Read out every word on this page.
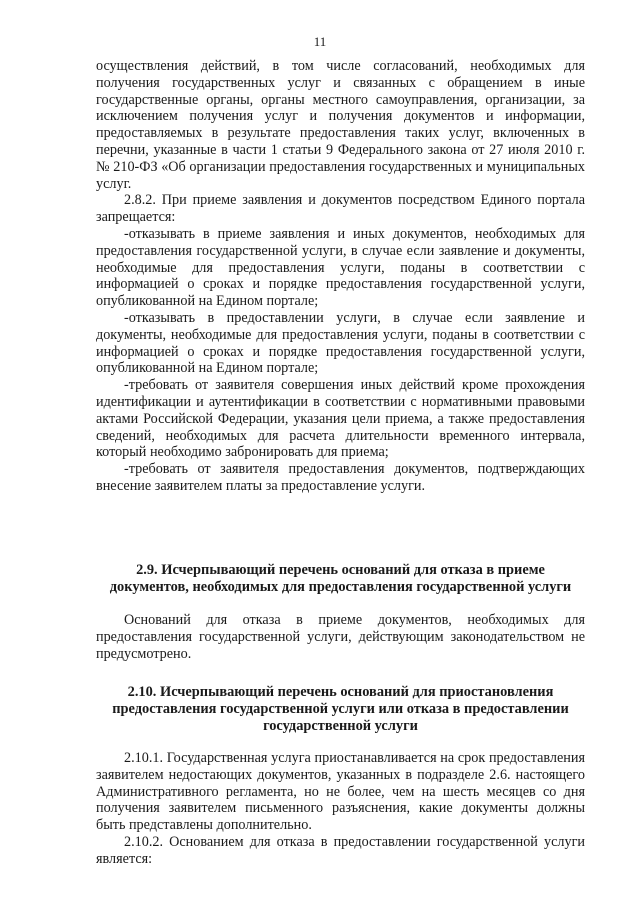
11

осуществления действий, в том числе согласований, необходимых для получения государственных услуг и связанных с обращением в иные государственные органы, органы местного самоуправления, организации, за исключением получения услуг и получения документов и информации, предоставляемых в результате предоставления таких услуг, включенных в перечни, указанные в части 1 статьи 9 Федерального закона от 27 июля 2010 г. № 210-ФЗ «Об организации предоставления государственных и муниципальных услуг.

2.8.2. При приеме заявления и документов посредством Единого портала запрещается:

-отказывать в приеме заявления и иных документов, необходимых для предоставления государственной услуги, в случае если заявление и документы, необходимые для предоставления услуги, поданы в соответствии с информацией о сроках и порядке предоставления государственной услуги, опубликованной на Едином портале;

-отказывать в предоставлении услуги, в случае если заявление и документы, необходимые для предоставления услуги, поданы в соответствии с информацией о сроках и порядке предоставления государственной услуги, опубликованной на Едином портале;

-требовать от заявителя совершения иных действий кроме прохождения идентификации и аутентификации в соответствии с нормативными правовыми актами Российской Федерации, указания цели приема, а также предоставления сведений, необходимых для расчета длительности временного интервала, который необходимо забронировать для приема;

-требовать от заявителя предоставления документов, подтверждающих внесение заявителем платы за предоставление услуги.

2.9. Исчерпывающий перечень оснований для отказа в приеме документов, необходимых для предоставления государственной услуги

Оснований для отказа в приеме документов, необходимых для предоставления государственной услуги, действующим законодательством не предусмотрено.

2.10. Исчерпывающий перечень оснований для приостановления предоставления государственной услуги или отказа в предоставлении государственной услуги

2.10.1. Государственная услуга приостанавливается на срок предоставления заявителем недостающих документов, указанных в подразделе 2.6. настоящего Административного регламента, но не более, чем на шесть месяцев со дня получения заявителем письменного разъяснения, какие документы должны быть представлены дополнительно.

2.10.2. Основанием для отказа в предоставлении государственной услуги является:
